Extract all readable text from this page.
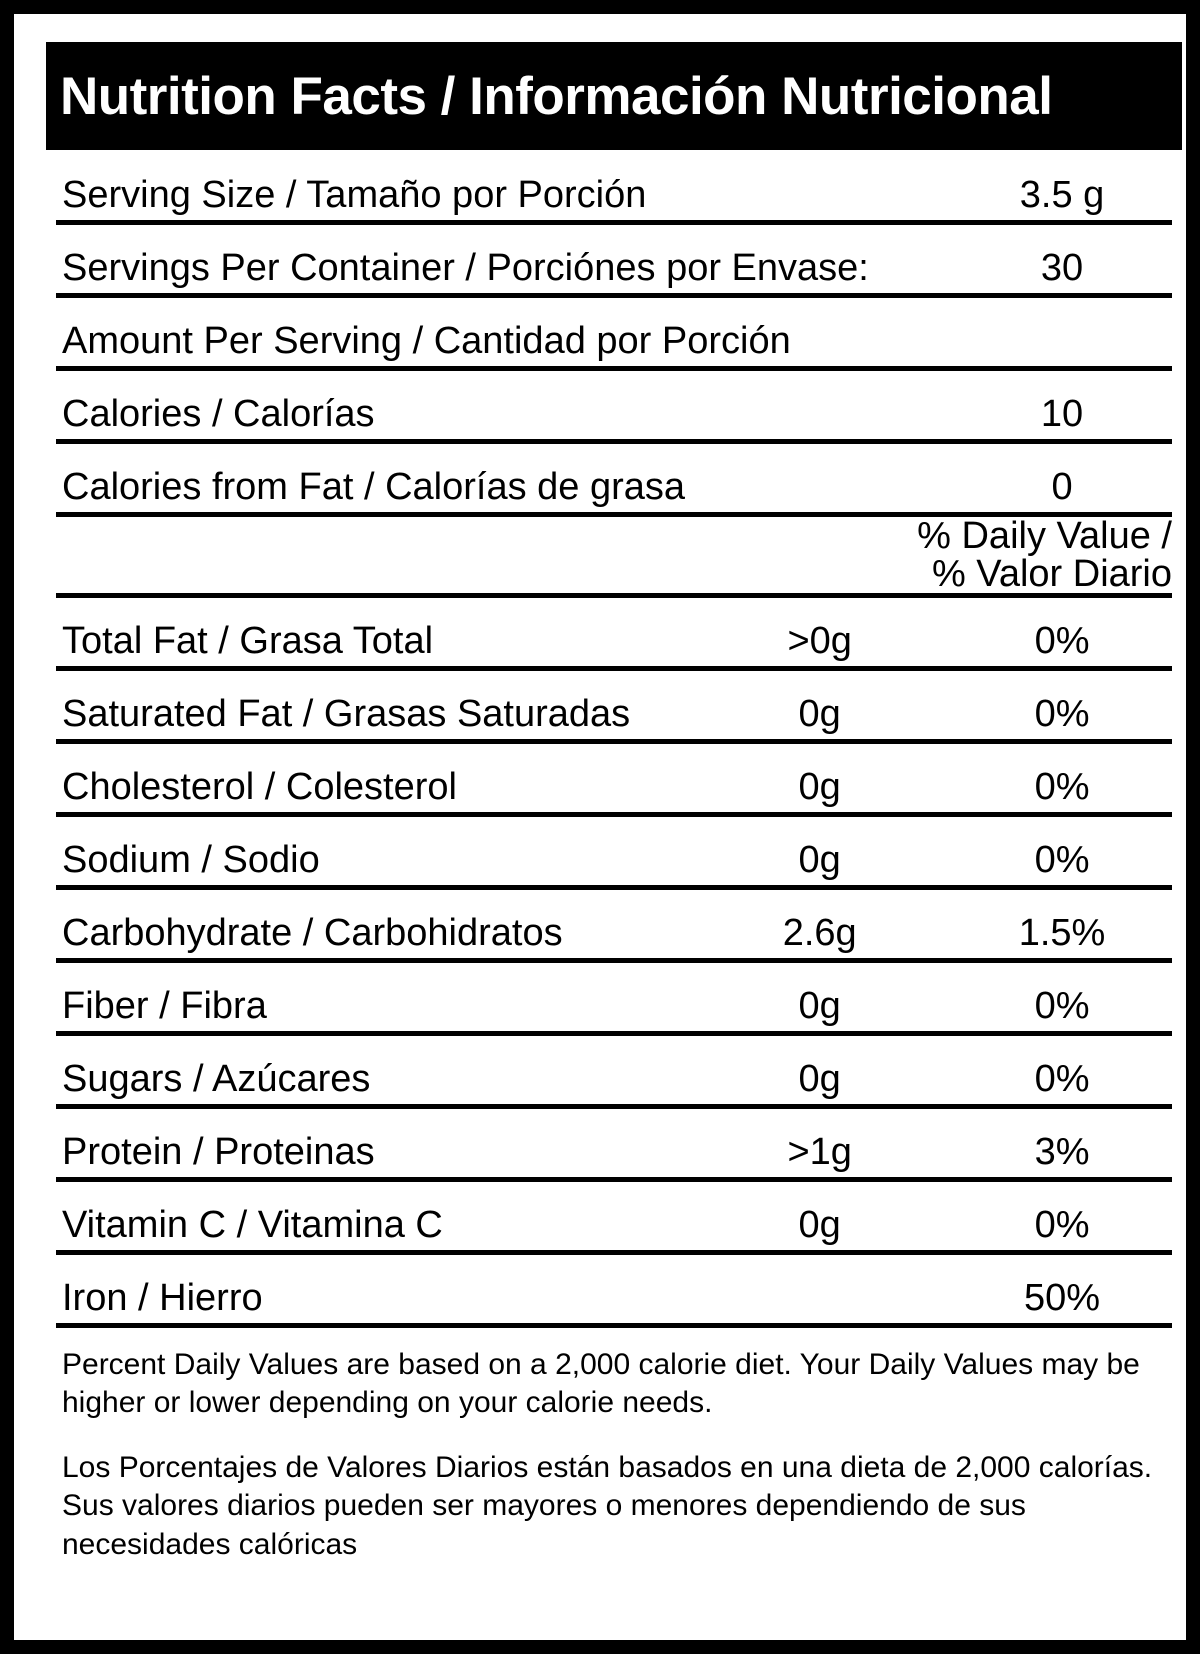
Nutrition Facts / Información Nutricional
Serving Size / Tamaño por Porción		3.5 g
Servings Per Container / Porciónes por Envase:		30
Amount Per Serving / Cantidad por Porción		
Calories / Calorías		10
Calories from Fat / Calorías de grasa		0

	% Daily Value /
% Valor Diario	

Total Fat / Grasa Total	>0g	0%
Saturated Fat / Grasas Saturadas	0g	0%
Cholesterol / Colesterol	0g	0%
Sodium / Sodio	0g	0%
Carbohydrate / Carbohidratos	2.6g	1.5%
Fiber / Fibra	0g	0%
Sugars / Azúcares	0g	0%
Protein / Proteinas	>1g	3%
Vitamin C / Vitamina C	0g	0%
Iron / Hierro		50%

Percent Daily Values are based on a 2,000 calorie diet. Your Daily Values may be higher or lower depending on your calorie needs.

Los Porcentajes de Valores Diarios están basados en una dieta de 2,000 calorías. Sus valores diarios pueden ser mayores o menores dependiendo de sus necesidades calóricas
